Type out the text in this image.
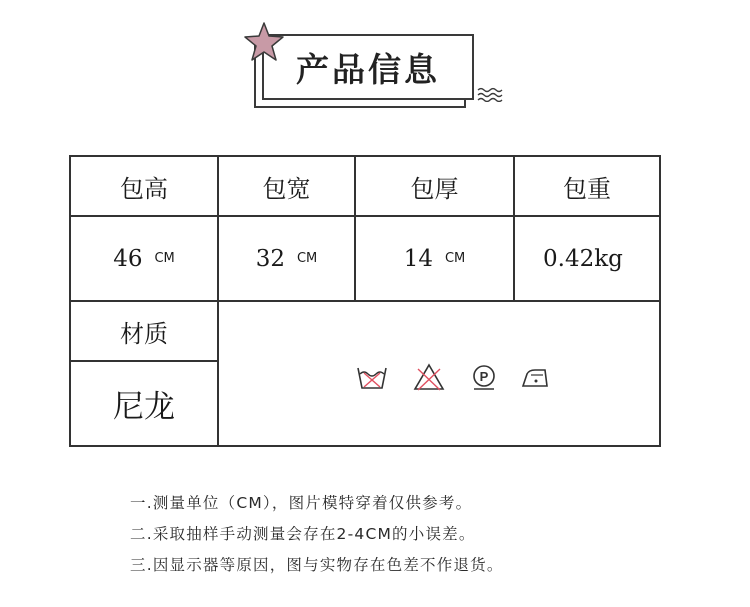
产品信息
包高	包宽	包厚	包重
46 CM	32 CM	14 CM	0.42kg
材质
尼龙
P
一.测量单位（CM），图片模特穿着仅供参考。
二.采取抽样手动测量会存在2-4CM的小误差。
三.因显示器等原因，图与实物存在色差不作退货。
